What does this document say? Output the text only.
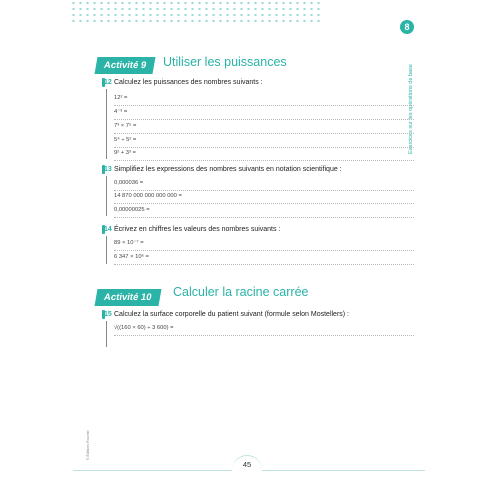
8
Exercices sur les opérations de base
Activité 9	Utiliser les puissances
12 Calculez les puissances des nombres suivants :
12² =
4⁻³ =
7³ × 7⁵ =
5⁴ ÷ 5² =
9² + 3³ =
13 Simplifiez les expressions des nombres suivants en notation scientifique :
0,000036 =
14 870 000 000 000 000 =
0,00000025 =
14 Écrivez en chiffres les valeurs des nombres suivants :
89 × 10⁻⁷ =
6 347 × 10⁶ =
Activité 10	Calculer la racine carrée
15 Calculez la surface corporelle du patient suivant (formule selon Mostellers) :
√((160 × 60) ÷ 3 600) =
© Éditions Foucher
45
